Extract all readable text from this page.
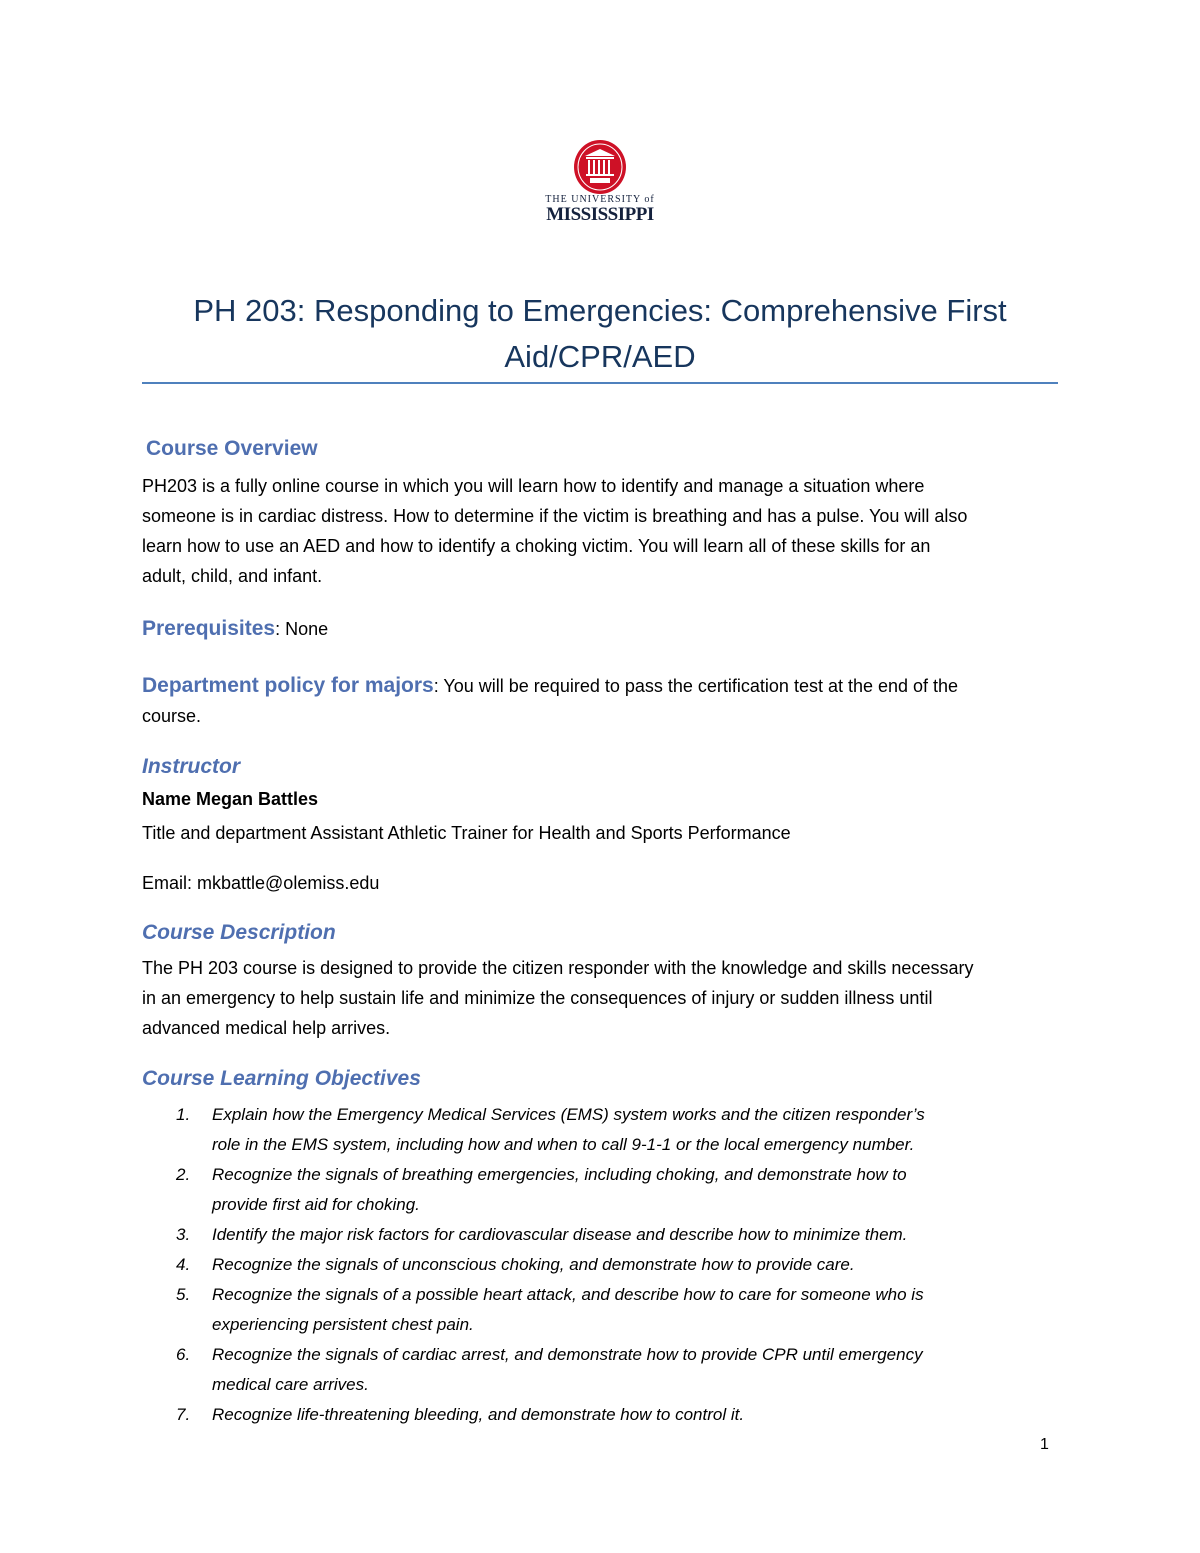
THE UNIVERSITY of
MISSISSIPPI
PH 203: Responding to Emergencies: Comprehensive First
Aid/CPR/AED
Course Overview
PH203 is a fully online course in which you will learn how to identify and manage a situation where
someone is in cardiac distress. How to determine if the victim is breathing and has a pulse. You will also
learn how to use an AED and how to identify a choking victim. You will learn all of these skills for an
adult, child, and infant.
Prerequisites: None
Department policy for majors: You will be required to pass the certification test at the end of the
course.
Instructor
Name Megan Battles
Title and department Assistant Athletic Trainer for Health and Sports Performance
Email: mkbattle@olemiss.edu
Course Description
The PH 203 course is designed to provide the citizen responder with the knowledge and skills necessary
in an emergency to help sustain life and minimize the consequences of injury or sudden illness until
advanced medical help arrives.
Course Learning Objectives
1. Explain how the Emergency Medical Services (EMS) system works and the citizen responder’s
role in the EMS system, including how and when to call 9-1-1 or the local emergency number.
2. Recognize the signals of breathing emergencies, including choking, and demonstrate how to
provide first aid for choking.
3. Identify the major risk factors for cardiovascular disease and describe how to minimize them.
4. Recognize the signals of unconscious choking, and demonstrate how to provide care.
5. Recognize the signals of a possible heart attack, and describe how to care for someone who is
experiencing persistent chest pain.
6. Recognize the signals of cardiac arrest, and demonstrate how to provide CPR until emergency
medical care arrives.
7. Recognize life-threatening bleeding, and demonstrate how to control it.
1
